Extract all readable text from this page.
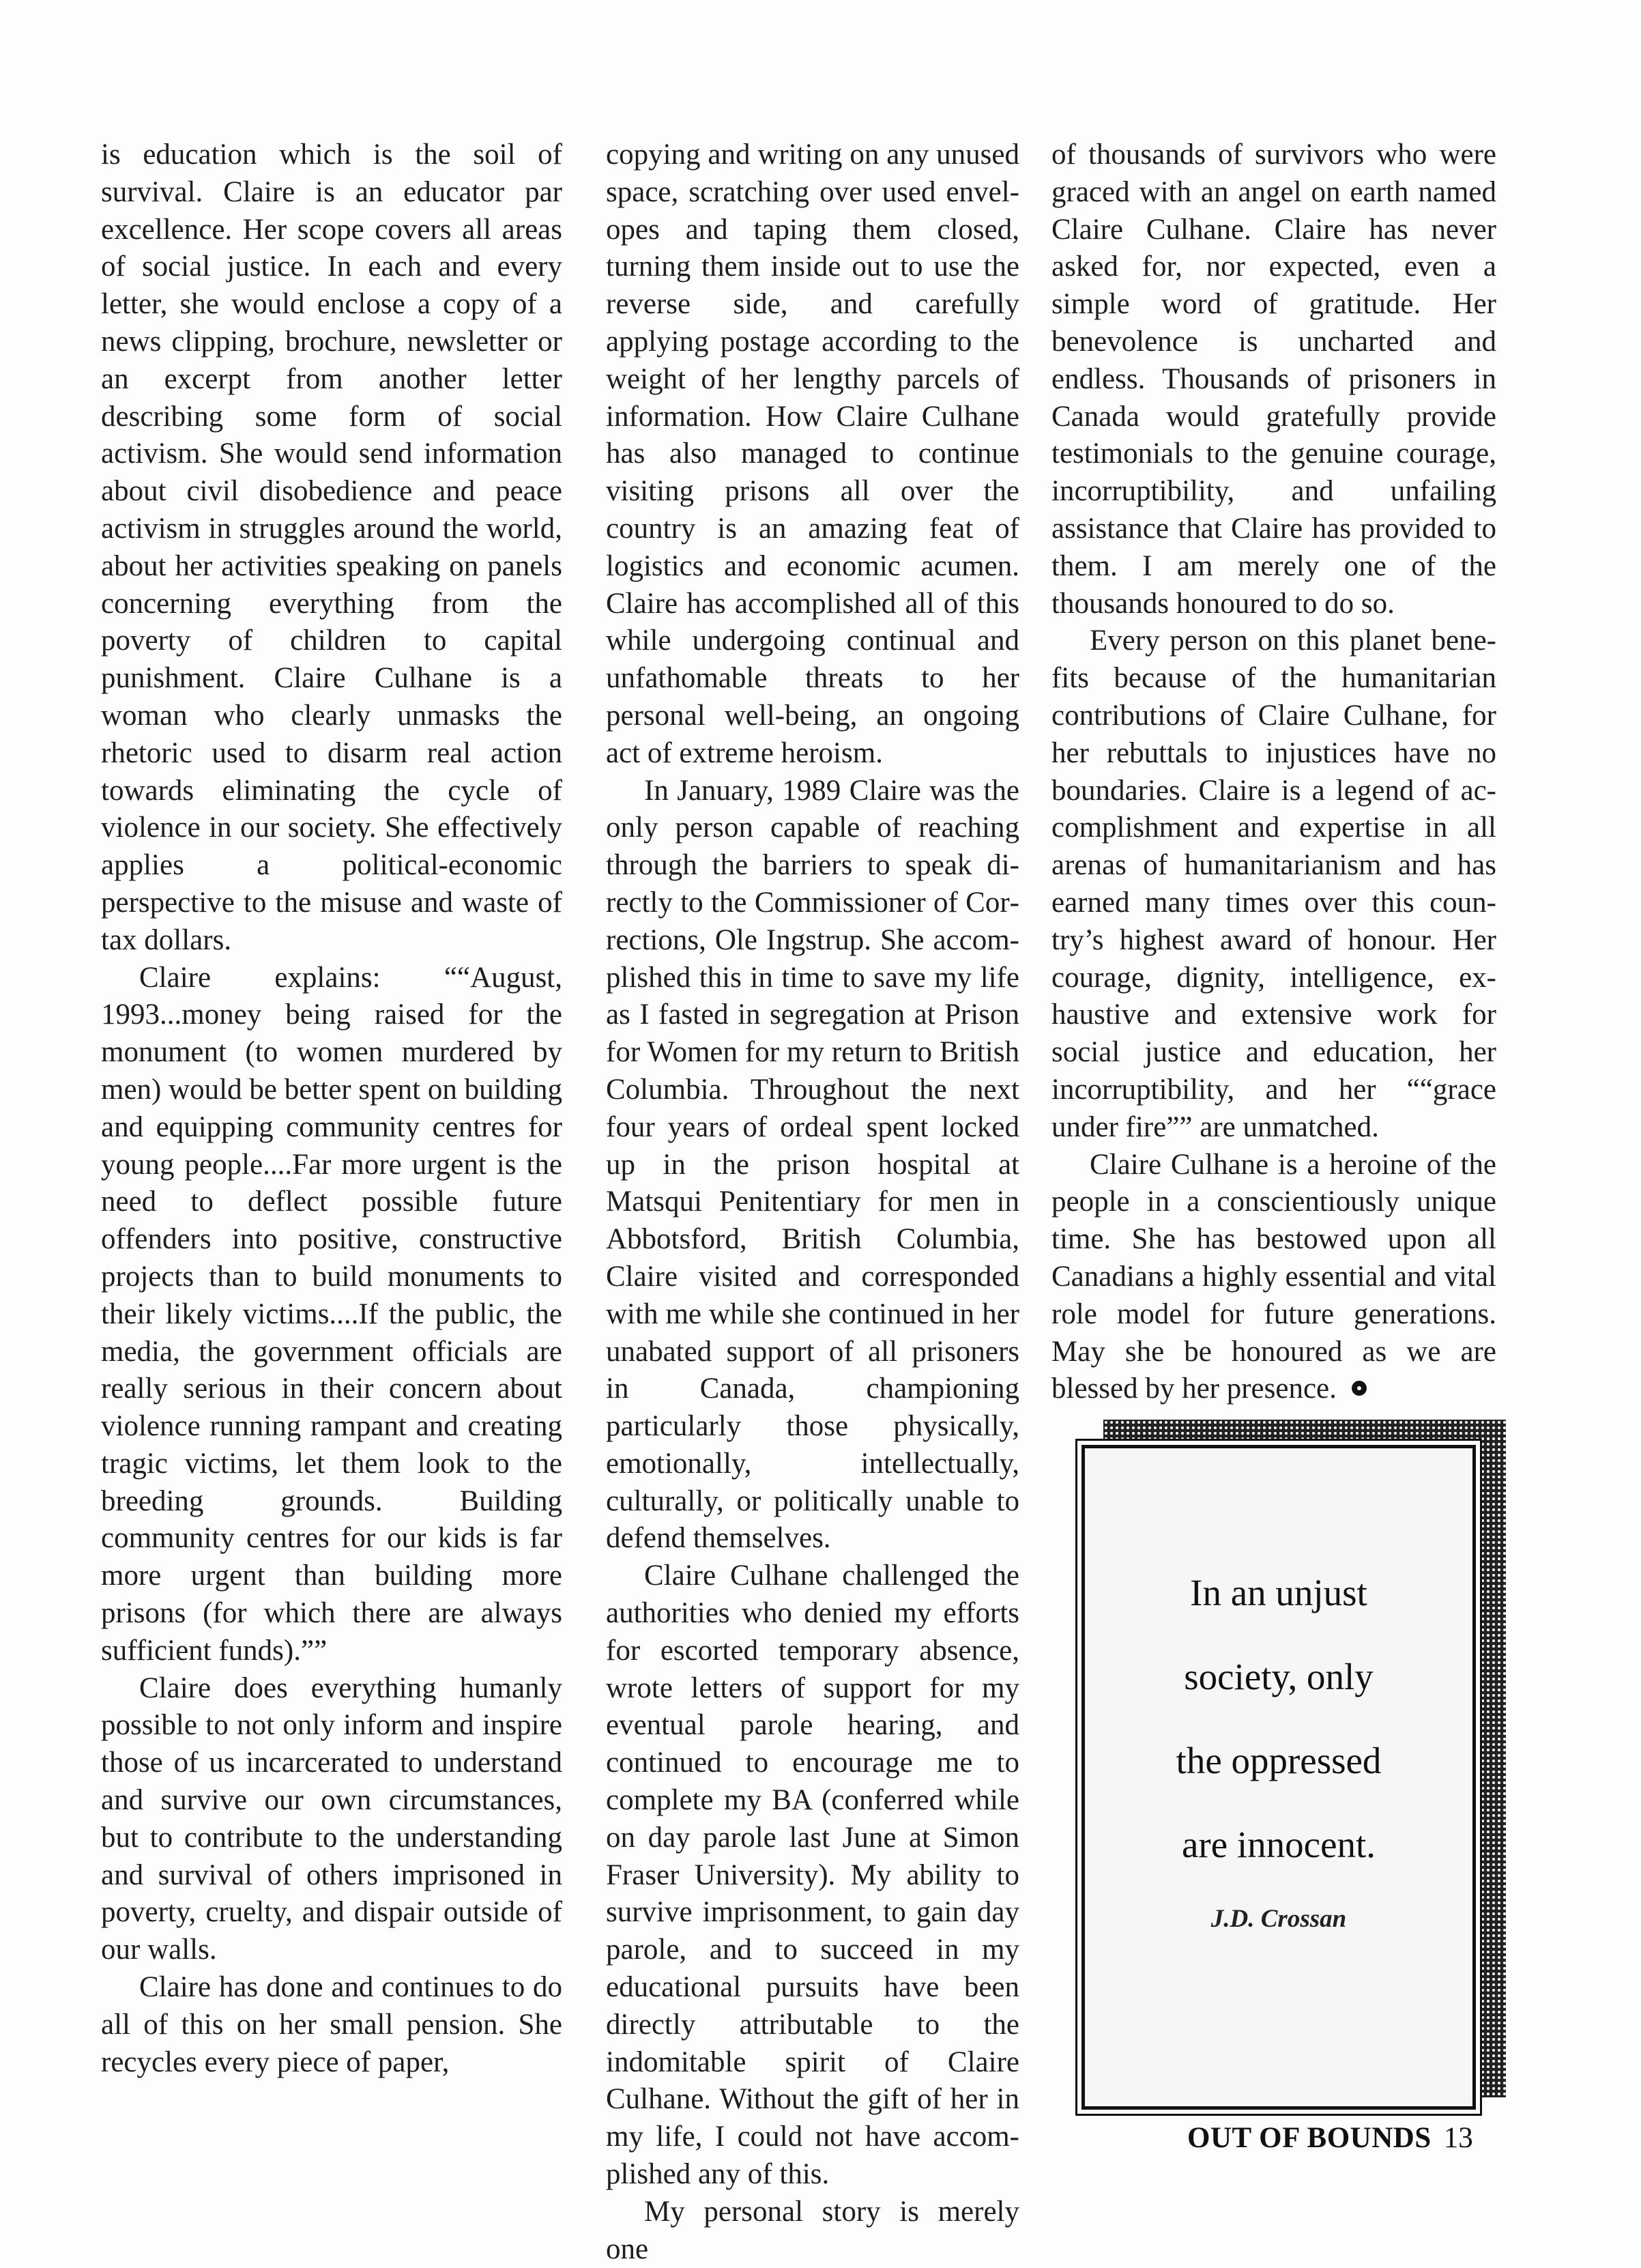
is education which is the soil of survival. Claire is an educator par excellence. Her scope covers all areas of social justice. In each and every letter, she would enclose a copy of a news clipping, brochure, newsletter or an excerpt from another letter describing some form of social activism. She would send information about civil disobedience and peace activism in struggles around the world, about her activities speaking on panels concerning everything from the poverty of children to capital punishment. Claire Culhane is a woman who clearly unmasks the rhetoric used to disarm real action towards eliminating the cycle of violence in our society. She effectively applies a political-economic perspective to the misuse and waste of tax dollars.

Claire explains: ““August, 1993...money being raised for the monument (to women murdered by men) would be better spent on building and equipping community centres for young people....Far more urgent is the need to deflect possible future offenders into positive, constructive projects than to build monuments to their likely victims....If the public, the media, the government officials are really serious in their concern about violence running rampant and creating tragic victims, let them look to the breeding grounds. Building community centres for our kids is far more urgent than building more prisons (for which there are always sufficient funds).””

Claire does everything humanly possible to not only inform and inspire those of us incarcerated to understand and survive our own circumstances, but to contribute to the understanding and survival of others imprisoned in poverty, cruelty, and dispair outside of our walls.

Claire has done and continues to do all of this on her small pension. She recycles every piece of paper,

copying and writing on any unused space, scratching over used envelopes and taping them closed, turning them inside out to use the reverse side, and carefully applying postage according to the weight of her lengthy parcels of information. How Claire Culhane has also managed to continue visiting prisons all over the country is an amazing feat of logistics and economic acumen. Claire has accomplished all of this while undergoing continual and unfathomable threats to her personal well-being, an ongoing act of extreme heroism.

In January, 1989 Claire was the only person capable of reaching through the barriers to speak directly to the Commissioner of Corrections, Ole Ingstrup. She accomplished this in time to save my life as I fasted in segregation at Prison for Women for my return to British Columbia. Throughout the next four years of ordeal spent locked up in the prison hospital at Matsqui Penitentiary for men in Abbotsford, British Columbia, Claire visited and corresponded with me while she continued in her unabated support of all prisoners in Canada, championing particularly those physically, emotionally, intellectually, culturally, or politically unable to defend themselves.

Claire Culhane challenged the authorities who denied my efforts for escorted temporary absence, wrote letters of support for my eventual parole hearing, and continued to encourage me to complete my BA (conferred while on day parole last June at Simon Fraser University). My ability to survive imprisonment, to gain day parole, and to succeed in my educational pursuits have been directly attributable to the indomitable spirit of Claire Culhane. Without the gift of her in my life, I could not have accomplished any of this.

My personal story is merely one

of thousands of survivors who were graced with an angel on earth named Claire Culhane. Claire has never asked for, nor expected, even a simple word of gratitude. Her benevolence is uncharted and endless. Thousands of prisoners in Canada would gratefully provide testimonials to the genuine courage, incorruptibility, and unfailing assistance that Claire has provided to them. I am merely one of the thousands honoured to do so.

Every person on this planet benefits because of the humanitarian contributions of Claire Culhane, for her rebuttals to injustices have no boundaries. Claire is a legend of accomplishment and expertise in all arenas of humanitarianism and has earned many times over this country’s highest award of honour. Her courage, dignity, intelligence, exhaustive and extensive work for social justice and education, her incorruptibility, and her ““grace under fire”” are unmatched.

Claire Culhane is a heroine of the people in a conscientiously unique time. She has bestowed upon all Canadians a highly essential and vital role model for future generations. May she be honoured as we are blessed by her presence.

In an unjust
society, only
the oppressed
are innocent.
J.D. Crossan
OUT OF BOUNDS 13
